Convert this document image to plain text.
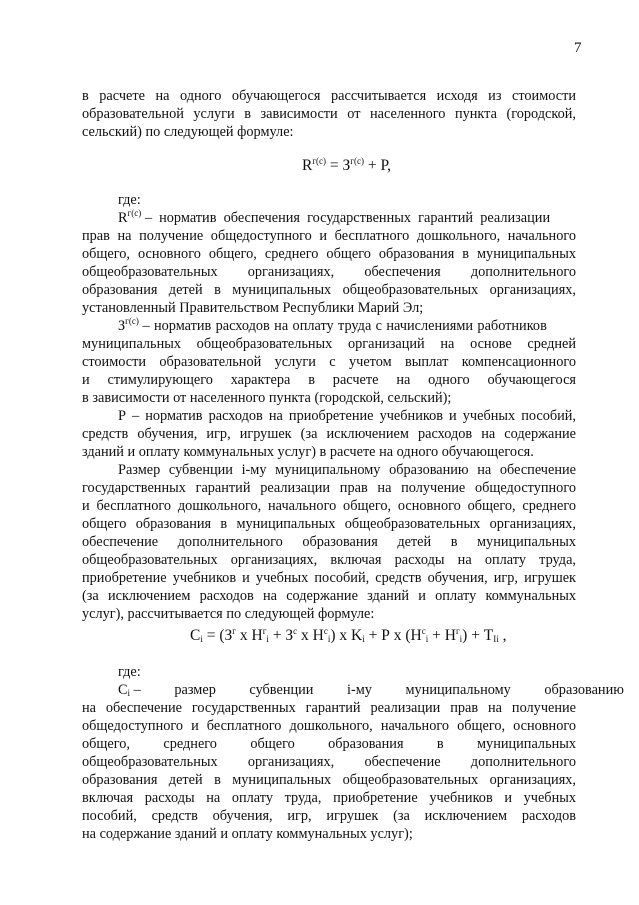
7
в расчете на одного обучающегося рассчитывается исходя из стоимости
образовательной услуги в зависимости от населенного пункта (городской,
сельский) по следующей формуле:
$R^{г(с)} = З^{г(с)} + Р$,
где:
$R^{г(с)}$ – норматив обеспечения государственных гарантий реализации
прав на получение общедоступного и бесплатного дошкольного, начального
общего, основного общего, среднего общего образования в муниципальных
общеобразовательных организациях, обеспечения дополнительного
образования детей в муниципальных общеобразовательных организациях,
установленный Правительством Республики Марий Эл;
$З^{г(с)}$ – норматив расходов на оплату труда с начислениями работников
муниципальных общеобразовательных организаций на основе средней
стоимости образовательной услуги с учетом выплат компенсационного
и стимулирующего характера в расчете на одного обучающегося
в зависимости от населенного пункта (городской, сельский);
Р – норматив расходов на приобретение учебников и учебных пособий,
средств обучения, игр, игрушек (за исключением расходов на содержание
зданий и оплату коммунальных услуг) в расчете на одного обучающегося.
Размер субвенции i-му муниципальному образованию на обеспечение
государственных гарантий реализации прав на получение общедоступного
и бесплатного дошкольного, начального общего, основного общего, среднего
общего образования в муниципальных общеобразовательных организациях,
обеспечение дополнительного образования детей в муниципальных
общеобразовательных организациях, включая расходы на оплату труда,
приобретение учебников и учебных пособий, средств обучения, игр, игрушек
(за исключением расходов на содержание зданий и оплату коммунальных
услуг), рассчитывается по следующей формуле:
$C_i = (З^г$ х $Н^г_i + З^с$ х $Н^с_i$) х $K_i + Р$ х $(Н^с_i + Н^г_i) + Т_{Ii}$ ,
где:
$C_i$ – размер субвенции i-му муниципальному образованию
на обеспечение государственных гарантий реализации прав на получение
общедоступного и бесплатного дошкольного, начального общего, основного
общего, среднего общего образования в муниципальных
общеобразовательных организациях, обеспечение дополнительного
образования детей в муниципальных общеобразовательных организациях,
включая расходы на оплату труда, приобретение учебников и учебных
пособий, средств обучения, игр, игрушек (за исключением расходов
на содержание зданий и оплату коммунальных услуг);
